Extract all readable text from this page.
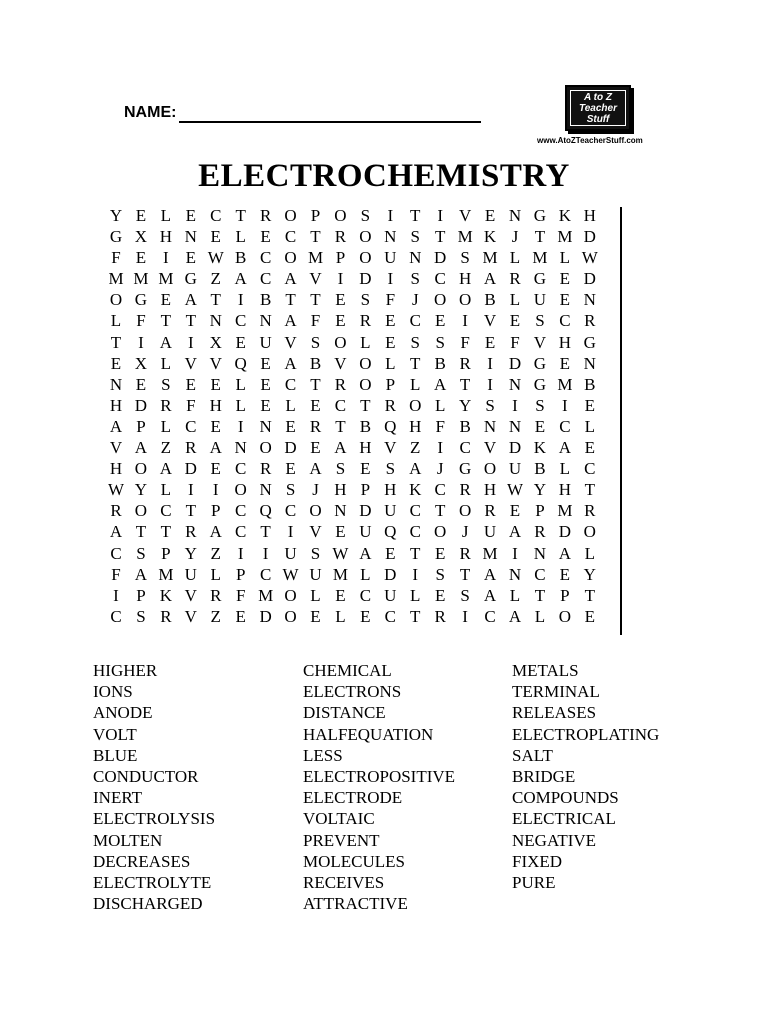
NAME:
A to Z
Teacher
Stuff
www.AtoZTeacherStuff.com
ELECTROCHEMISTRY
Y E L E C T R O P O S	I T I V E N G K H
G X H N E L E C T R O N S T M K J T M D
F E I E W B C O M P O U N D S M L M L W
M M M G Z A C A V I D I	S C H A R G E D
O G E A T I B T T E S F J O O B L U E N
L F T T N C N A F E R E C E I V E S C R
T I A I X E U V S O L E S S F E F V H G
E X L V V Q E A B V O L T B R I D G E N
N E S E E L E C T R O P L A T I N G M B
H D R F H L E L E C T R O L Y S	I	S	I E
A P L C E I N E R T B Q H F B N N E C L
V A Z R A N O D E A H V Z I C V D K A E
H O A D E C R E A S E S A J G O U B L C
W Y L I	I O N S J H P H K C R H W Y H T
R O C T P C Q C O N D U C T O R E P M R
A T T R A C T I V E U Q C O J U A R D O
C S P Y Z I	I U S W A E T E R M I N A L
F A M U L P C W U M L D I	S T A N C E Y
I	P K V R F M O L E C U L E S A L T P T
C S R V Z E D O E L E C T R I C A L O E
HIGHER
IONS
ANODE
VOLT
BLUE
CONDUCTOR
INERT
ELECTROLYSIS
MOLTEN
DECREASES
ELECTROLYTE
DISCHARGED
CHEMICAL
ELECTRONS
DISTANCE
HALFEQUATION
LESS
ELECTROPOSITIVE
ELECTRODE
VOLTAIC
PREVENT
MOLECULES
RECEIVES
ATTRACTIVE
METALS
TERMINAL
RELEASES
ELECTROPLATING
SALT
BRIDGE
COMPOUNDS
ELECTRICAL
NEGATIVE
FIXED
PURE
